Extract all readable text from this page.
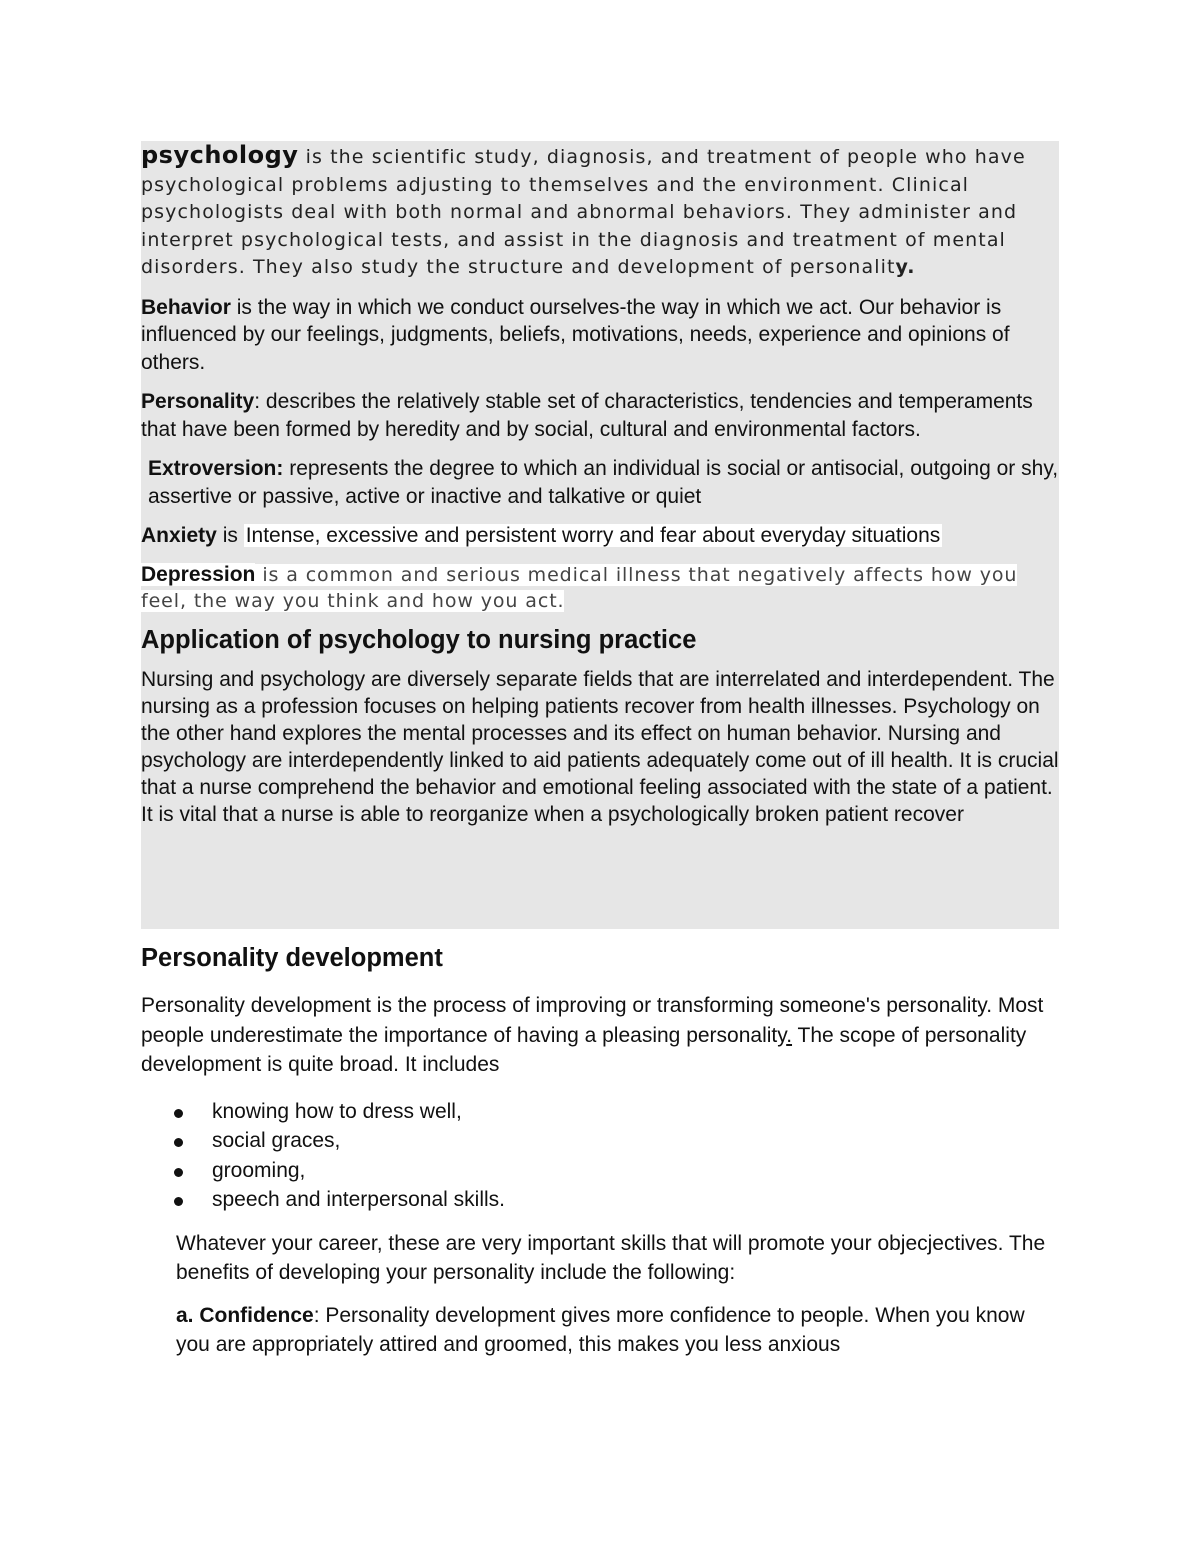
psychology is the scientific study, diagnosis, and treatment of people who have psychological problems adjusting to themselves and the environment. Clinical psychologists deal with both normal and abnormal behaviors. They administer and interpret psychological tests, and assist in the diagnosis and treatment of mental disorders. They also study the structure and development of personality.

Behavior is the way in which we conduct ourselves-the way in which we act. Our behavior is influenced by our feelings, judgments, beliefs, motivations, needs, experience and opinions of others.

Personality: describes the relatively stable set of characteristics, tendencies and temperaments that have been formed by heredity and by social, cultural and environmental factors.

Extroversion: represents the degree to which an individual is social or antisocial, outgoing or shy, assertive or passive, active or inactive and talkative or quiet

Anxiety is Intense, excessive and persistent worry and fear about everyday situations

Depression is a common and serious medical illness that negatively affects how you feel, the way you think and how you act.

Application of psychology to nursing practice

Nursing and psychology are diversely separate fields that are interrelated and interdependent. The nursing as a profession focuses on helping patients recover from health illnesses. Psychology on the other hand explores the mental processes and its effect on human behavior. Nursing and psychology are interdependently linked to aid patients adequately come out of ill health. It is crucial that a nurse comprehend the behavior and emotional feeling associated with the state of a patient. It is vital that a nurse is able to reorganize when a psychologically broken patient recover

Personality development

Personality development is the process of improving or transforming someone's personality. Most people underestimate the importance of having a pleasing personality. The scope of personality development is quite broad. It includes

knowing how to dress well,
social graces,
grooming,
speech and interpersonal skills.

Whatever your career, these are very important skills that will promote your objecjectives. The benefits of developing your personality include the following:

a. Confidence: Personality development gives more confidence to people. When you know you are appropriately attired and groomed, this makes you less anxious
